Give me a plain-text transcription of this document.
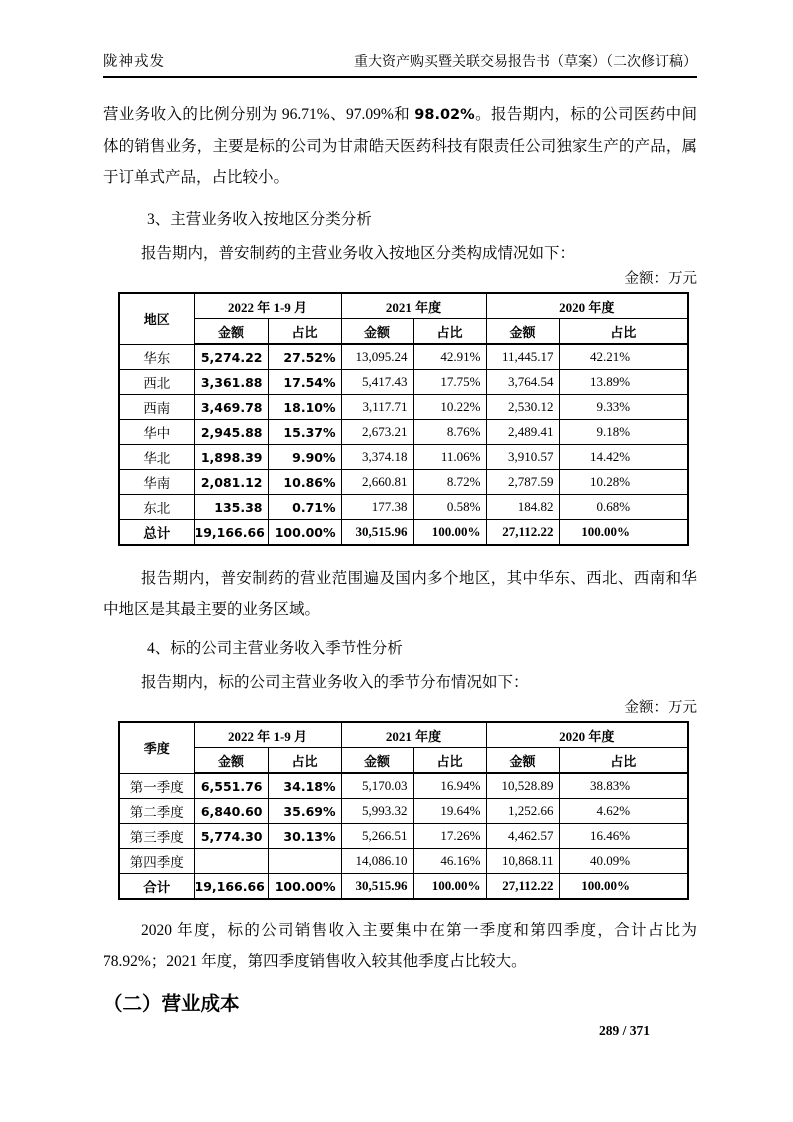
陇神戎发	重大资产购买暨关联交易报告书（草案）（二次修订稿）

营业务收入的比例分别为 96.71%、97.09%和 98.02%。报告期内，标的公司医药中间体的销售业务，主要是标的公司为甘肃皓天医药科技有限责任公司独家生产的产品，属于订单式产品，占比较小。

3、主营业务收入按地区分类分析

报告期内，普安制药的主营业务收入按地区分类构成情况如下：

金额：万元
地区	2022 年 1-9 月		2021 年度		2020 年度	
	金额	占比	金额	占比	金额	占比
华东	5,274.22	27.52%	13,095.24	42.91%	11,445.17	42.21%
西北	3,361.88	17.54%	5,417.43	17.75%	3,764.54	13.89%
西南	3,469.78	18.10%	3,117.71	10.22%	2,530.12	9.33%
华中	2,945.88	15.37%	2,673.21	8.76%	2,489.41	9.18%
华北	1,898.39	9.90%	3,374.18	11.06%	3,910.57	14.42%
华南	2,081.12	10.86%	2,660.81	8.72%	2,787.59	10.28%
东北	135.38	0.71%	177.38	0.58%	184.82	0.68%
总计	19,166.66	100.00%	30,515.96	100.00%	27,112.22	100.00%

报告期内，普安制药的营业范围遍及国内多个地区，其中华东、西北、西南和华中地区是其最主要的业务区域。

4、标的公司主营业务收入季节性分析

报告期内，标的公司主营业务收入的季节分布情况如下：

金额：万元
季度	2022 年 1-9 月		2021 年度		2020 年度	
	金额	占比	金额	占比	金额	占比
第一季度	6,551.76	34.18%	5,170.03	16.94%	10,528.89	38.83%
第二季度	6,840.60	35.69%	5,993.32	19.64%	1,252.66	4.62%
第三季度	5,774.30	30.13%	5,266.51	17.26%	4,462.57	16.46%
第四季度			14,086.10	46.16%	10,868.11	40.09%
合计	19,166.66	100.00%	30,515.96	100.00%	27,112.22	100.00%

2020 年度，标的公司销售收入主要集中在第一季度和第四季度，合计占比为 78.92%；2021 年度，第四季度销售收入较其他季度占比较大。

（二）营业成本
289 / 371
